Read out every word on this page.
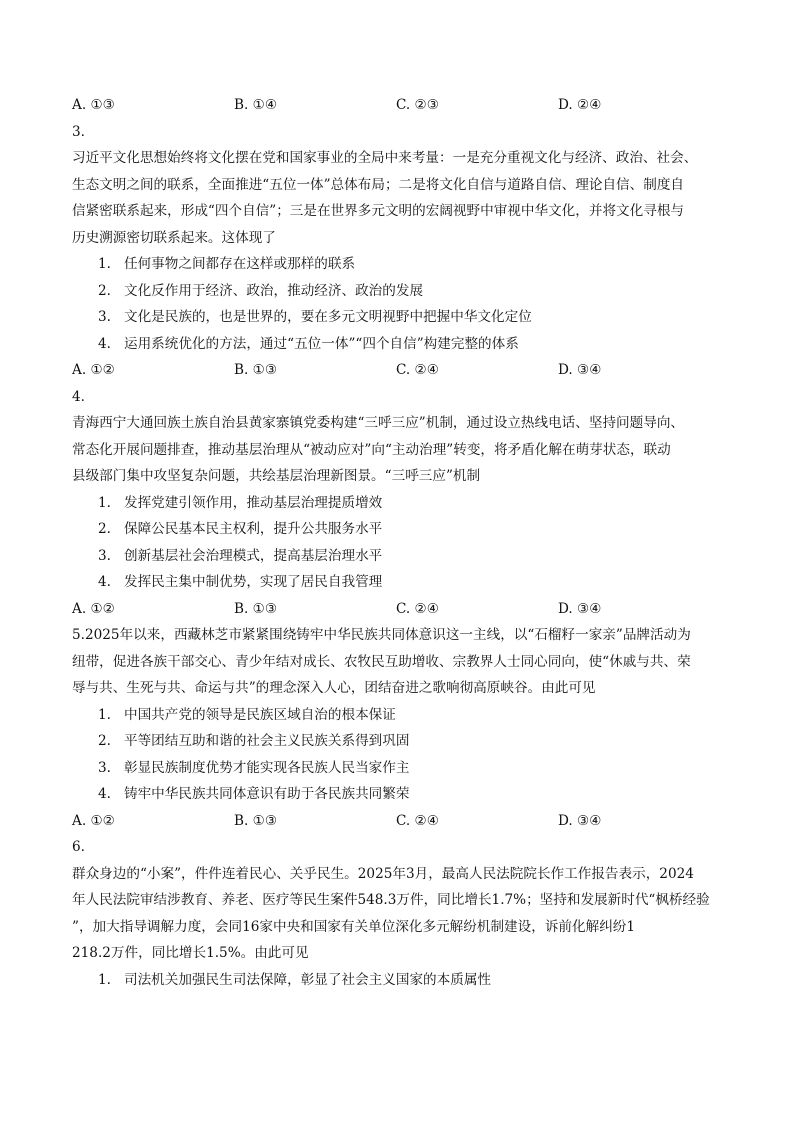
A. ①③	B. ①④	C. ②③	D. ②④
3.
习近平文化思想始终将文化摆在党和国家事业的全局中来考量：一是充分重视文化与经济、政治、社会、
生态文明之间的联系，全面推进“五位一体”总体布局；二是将文化自信与道路自信、理论自信、制度自
信紧密联系起来，形成“四个自信”；三是在世界多元文明的宏阔视野中审视中华文化，并将文化寻根与
历史溯源密切联系起来。这体现了
1. 任何事物之间都存在这样或那样的联系
2. 文化反作用于经济、政治，推动经济、政治的发展
3. 文化是民族的，也是世界的，要在多元文明视野中把握中华文化定位
4. 运用系统优化的方法，通过“五位一体”“四个自信”构建完整的体系
A. ①②	B. ①③	C. ②④	D. ③④
4.
青海西宁大通回族土族自治县黄家寨镇党委构建“三呼三应”机制，通过设立热线电话、坚持问题导向、
常态化开展问题排查，推动基层治理从“被动应对”向“主动治理”转变，将矛盾化解在萌芽状态，联动
县级部门集中攻坚复杂问题，共绘基层治理新图景。“三呼三应”机制
1. 发挥党建引领作用，推动基层治理提质增效
2. 保障公民基本民主权利，提升公共服务水平
3. 创新基层社会治理模式，提高基层治理水平
4. 发挥民主集中制优势，实现了居民自我管理
A. ①②	B. ①③	C. ②④	D. ③④
5.2025年以来，西藏林芝市紧紧围绕铸牢中华民族共同体意识这一主线，以“石榴籽一家亲”品牌活动为
纽带，促进各族干部交心、青少年结对成长、农牧民互助增收、宗教界人士同心同向，使“休戚与共、荣
辱与共、生死与共、命运与共”的理念深入人心，团结奋进之歌响彻高原峡谷。由此可见
1. 中国共产党的领导是民族区域自治的根本保证
2. 平等团结互助和谐的社会主义民族关系得到巩固
3. 彰显民族制度优势才能实现各民族人民当家作主
4. 铸牢中华民族共同体意识有助于各民族共同繁荣
A. ①②	B. ①③	C. ②④	D. ③④
6.
群众身边的“小案”，件件连着民心、关乎民生。2025年3月，最高人民法院院长作工作报告表示，2024
年人民法院审结涉教育、养老、医疗等民生案件548.3万件，同比增长1.7%；坚持和发展新时代“枫桥经验
”，加大指导调解力度，会同16家中央和国家有关单位深化多元解纷机制建设，诉前化解纠纷1
218.2万件，同比增长1.5%。由此可见
1. 司法机关加强民生司法保障，彰显了社会主义国家的本质属性
